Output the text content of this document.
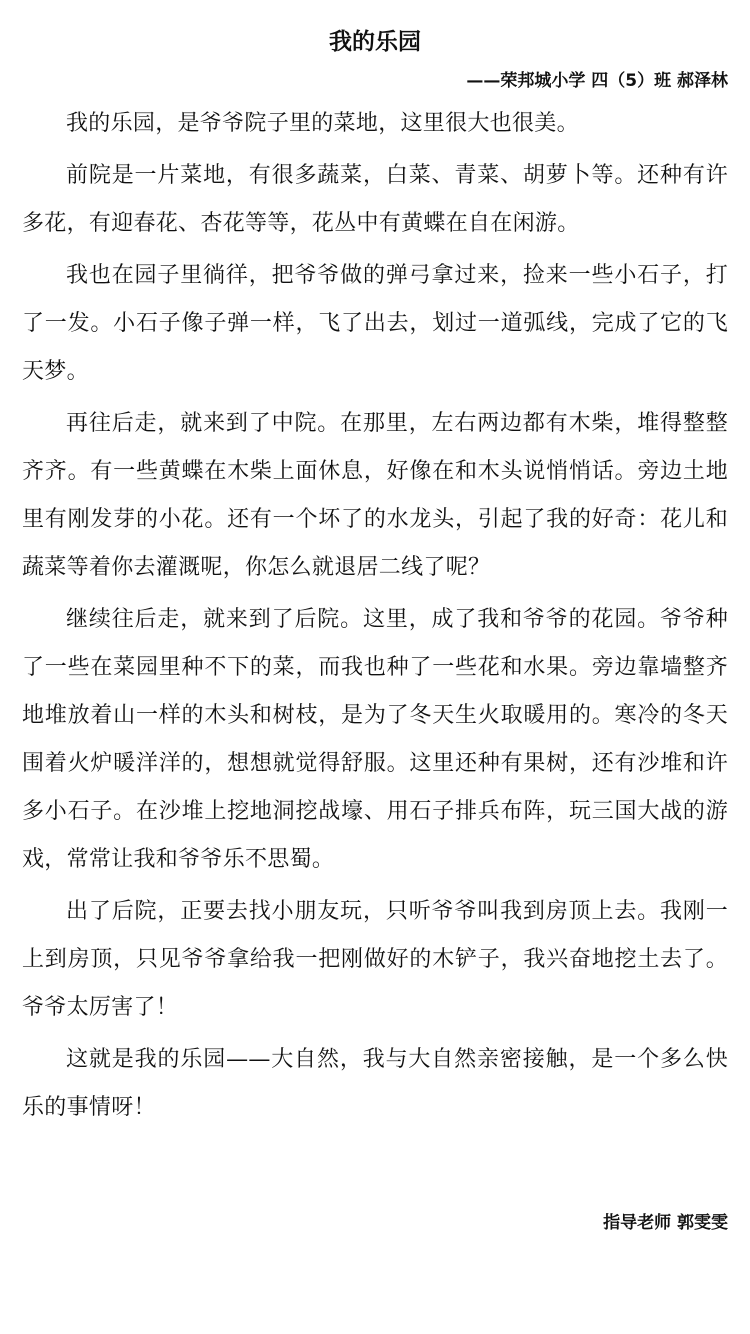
我的乐园
——荣邦城小学 四（5）班 郝泽林

我的乐园，是爷爷院子里的菜地，这里很大也很美。

前院是一片菜地，有很多蔬菜，白菜、青菜、胡萝卜等。还种有许多花，有迎春花、杏花等等，花丛中有黄蝶在自在闲游。

我也在园子里徜徉，把爷爷做的弹弓拿过来，捡来一些小石子，打了一发。小石子像子弹一样，飞了出去，划过一道弧线，完成了它的飞天梦。

再往后走，就来到了中院。在那里，左右两边都有木柴，堆得整整齐齐。有一些黄蝶在木柴上面休息，好像在和木头说悄悄话。旁边土地里有刚发芽的小花。还有一个坏了的水龙头，引起了我的好奇：花儿和蔬菜等着你去灌溉呢，你怎么就退居二线了呢？

继续往后走，就来到了后院。这里，成了我和爷爷的花园。爷爷种了一些在菜园里种不下的菜，而我也种了一些花和水果。旁边靠墙整齐地堆放着山一样的木头和树枝，是为了冬天生火取暖用的。寒冷的冬天围着火炉暖洋洋的，想想就觉得舒服。这里还种有果树，还有沙堆和许多小石子。在沙堆上挖地洞挖战壕、用石子排兵布阵，玩三国大战的游戏，常常让我和爷爷乐不思蜀。

出了后院，正要去找小朋友玩，只听爷爷叫我到房顶上去。我刚一上到房顶，只见爷爷拿给我一把刚做好的木铲子，我兴奋地挖土去了。爷爷太厉害了！

这就是我的乐园——大自然，我与大自然亲密接触，是一个多么快乐的事情呀！

指导老师 郭雯雯
